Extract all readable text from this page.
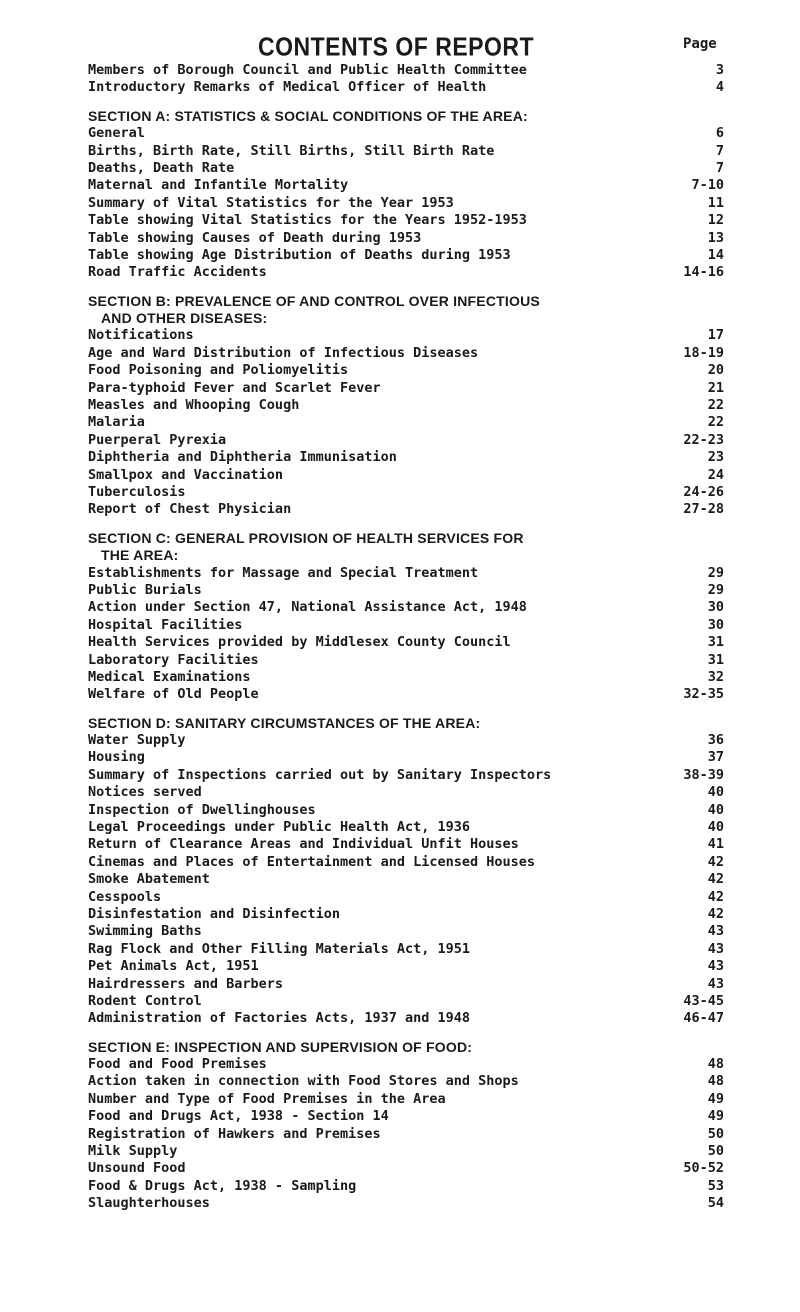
CONTENTS OF REPORT	Page
Members of Borough Council and Public Health Committee	3
Introductory Remarks of Medical Officer of Health	4
SECTION A: STATISTICS & SOCIAL CONDITIONS OF THE AREA:
General	6
Births, Birth Rate, Still Births, Still Birth Rate	7
Deaths, Death Rate	7
Maternal and Infantile Mortality	7-10
Summary of Vital Statistics for the Year 1953	11
Table showing Vital Statistics for the Years 1952-1953	12
Table showing Causes of Death during 1953	13
Table showing Age Distribution of Deaths during 1953	14
Road Traffic Accidents	14-16
SECTION B: PREVALENCE OF AND CONTROL OVER INFECTIOUS
AND OTHER DISEASES:
Notifications	17
Age and Ward Distribution of Infectious Diseases	18-19
Food Poisoning and Poliomyelitis	20
Para-typhoid Fever and Scarlet Fever	21
Measles and Whooping Cough	22
Malaria	22
Puerperal Pyrexia	22-23
Diphtheria and Diphtheria Immunisation	23
Smallpox and Vaccination	24
Tuberculosis	24-26
Report of Chest Physician	27-28
SECTION C: GENERAL PROVISION OF HEALTH SERVICES FOR
THE AREA:
Establishments for Massage and Special Treatment	29
Public Burials	29
Action under Section 47, National Assistance Act, 1948	30
Hospital Facilities	30
Health Services provided by Middlesex County Council	31
Laboratory Facilities	31
Medical Examinations	32
Welfare of Old People	32-35
SECTION D: SANITARY CIRCUMSTANCES OF THE AREA:
Water Supply	36
Housing	37
Summary of Inspections carried out by Sanitary Inspectors	38-39
Notices served	40
Inspection of Dwellinghouses	40
Legal Proceedings under Public Health Act, 1936	40
Return of Clearance Areas and Individual Unfit Houses	41
Cinemas and Places of Entertainment and Licensed Houses	42
Smoke Abatement	42
Cesspools	42
Disinfestation and Disinfection	42
Swimming Baths	43
Rag Flock and Other Filling Materials Act, 1951	43
Pet Animals Act, 1951	43
Hairdressers and Barbers	43
Rodent Control	43-45
Administration of Factories Acts, 1937 and 1948	46-47
SECTION E: INSPECTION AND SUPERVISION OF FOOD:
Food and Food Premises	48
Action taken in connection with Food Stores and Shops	48
Number and Type of Food Premises in the Area	49
Food and Drugs Act, 1938 - Section 14	49
Registration of Hawkers and Premises	50
Milk Supply	50
Unsound Food	50-52
Food & Drugs Act, 1938 - Sampling	53
Slaughterhouses	54
